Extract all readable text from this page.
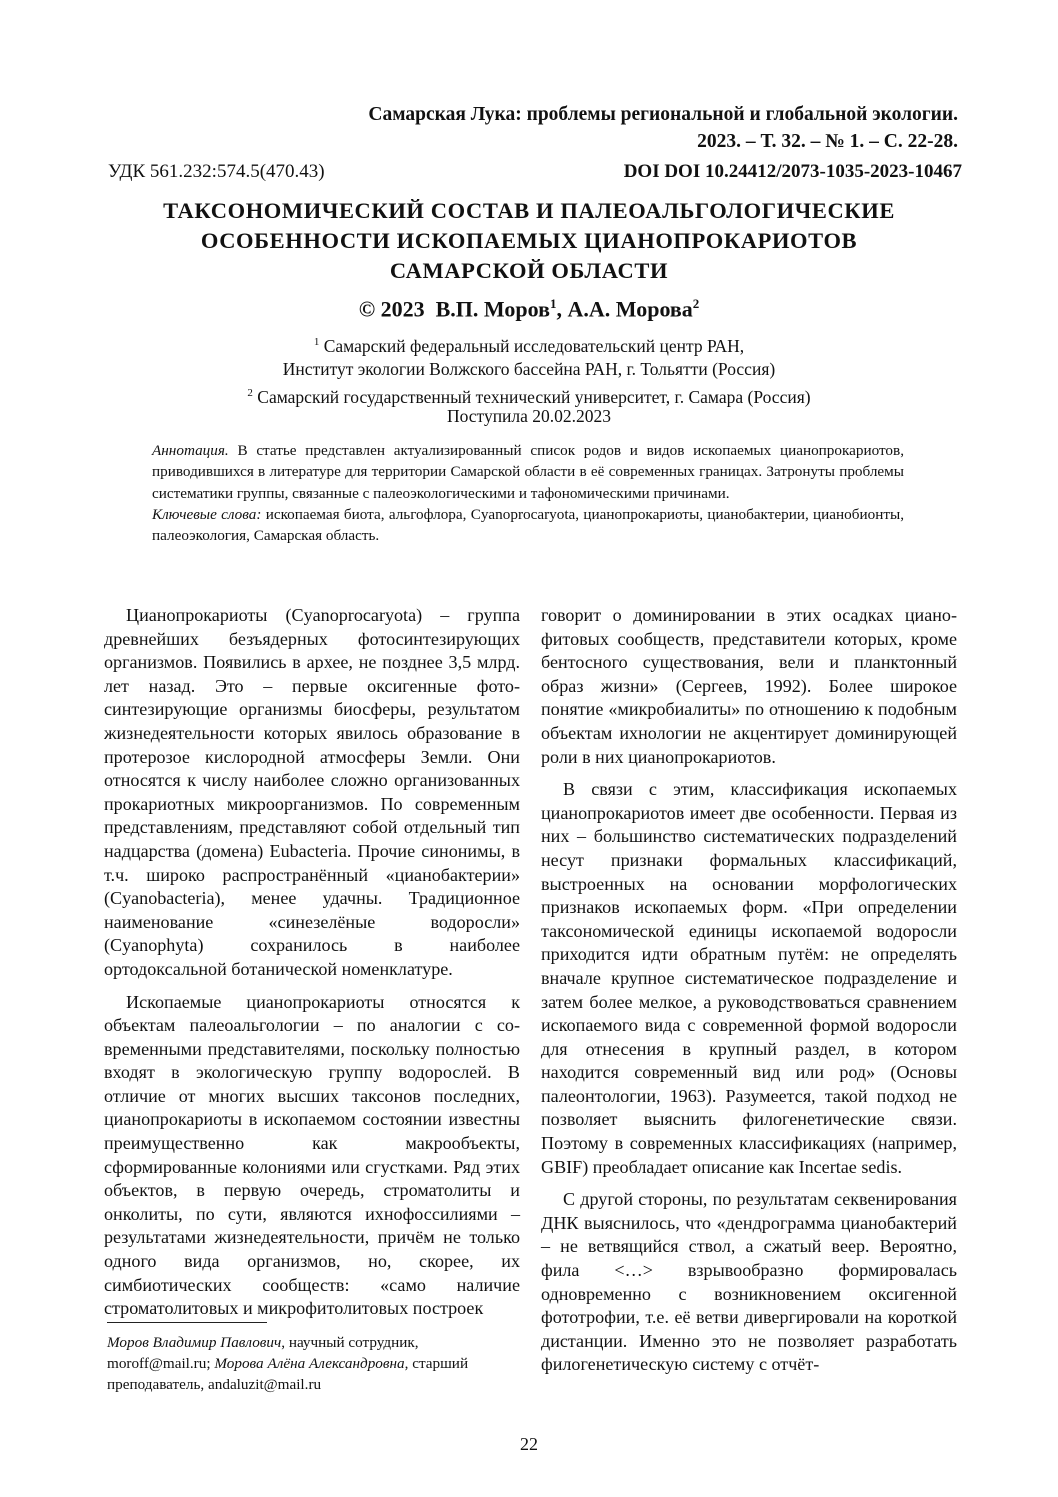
Самарская Лука: проблемы региональной и глобальной экологии.
2023. – Т. 32. – № 1. – С. 22-28.
УДК 561.232:574.5(470.43)	DOI DOI 10.24412/2073-1035-2023-10467
ТАКСОНОМИЧЕСКИЙ СОСТАВ И ПАЛЕОАЛЬГОЛОГИЧЕСКИЕ
ОСОБЕННОСТИ ИСКОПАЕМЫХ ЦИАНОПРОКАРИОТОВ
САМАРСКОЙ ОБЛАСТИ
© 2023 В.П. Моров$^1$, А.А. Морова$^2$
$^1$ Самарский федеральный исследовательский центр РАН,
Институт экологии Волжского бассейна РАН, г. Тольятти (Россия)
$^2$ Самарский государственный технический университет, г. Самара (Россия)
Поступила 20.02.2023

Аннотация. В статье представлен актуализированный список родов и видов ископаемых цианопрокариотов, приводившихся в литературе для территории Самарской области в её современных границах. Затронуты проблемы систематики группы, связанные с палеоэкологическими и тафономическими причинами.

Ключевые слова: ископаемая биота, альгофлора, Cyanoprocaryota, цианопрокариоты, цианобактерии, цианобионты, палеоэкология, Самарская область.

Цианопрокариоты (Cyanoprocaryota) – группа древнейших безъядерных фотосинтезирующих организмов. Появились в архее, не позднее 3,5 млрд. лет назад. Это – первые оксигенные фотосинтезирующие организмы биосферы, результатом жизнедеятельности которых явилось образование в протерозое кислородной атмосферы Земли. Они относятся к числу наиболее сложно организованных прокариотных микроорганизмов. По современным представлениям, представляют собой отдельный тип надцарства (домена) Eubacteria. Прочие синонимы, в т.ч. широко распространённый «цианобактерии» (Cyanobacteria), менее удачны. Традиционное наименование «синезелёные водоросли» (Cyanophyta) сохранилось в наиболее ортодоксальной ботанической номенклатуре.

Ископаемые цианопрокариоты относятся к объектам палеоальгологии – по аналогии с современными представителями, поскольку полностью входят в экологическую группу водорослей. В отличие от многих высших таксонов последних, цианопрокариоты в ископаемом состоянии известны преимущественно как макрообъекты, сформированные колониями или сгустками. Ряд этих объектов, в первую очередь, строматолиты и онколиты, по сути, являются ихнофоссилиями – результатами жизнедеятельности, причём не только одного вида организмов, но, скорее, их симбиотических сообществ: «само наличие строматолитовых и микрофитолитовых построек

говорит о доминировании в этих осадках цианофитовых сообществ, представители которых, кроме бентосного существования, вели и планктонный образ жизни» (Сергеев, 1992). Более широкое понятие «микробиалиты» по отношению к подобным объектам ихнологии не акцентирует доминирующей роли в них цианопрокариотов.

В связи с этим, классификация ископаемых цианопрокариотов имеет две особенности. Первая из них – большинство систематических подразделений несут признаки формальных классификаций, выстроенных на основании морфологических признаков ископаемых форм. «При определении таксономической единицы ископаемой водоросли приходится идти обратным путём: не определять вначале крупное систематическое подразделение и затем более мелкое, а руководствоваться сравнением ископаемого вида с современной формой водоросли для отнесения в крупный раздел, в котором находится современный вид или род» (Основы палеонтологии, 1963). Разумеется, такой подход не позволяет выяснить филогенетические связи. Поэтому в современных классификациях (например, GBIF) преобладает описание как Incertae sedis.

С другой стороны, по результатам секвенирования ДНК выяснилось, что «дендрограмма цианобактерий – не ветвящийся ствол, а сжатый веер. Вероятно, фила <…> взрывообразно формировалась одновременно с возникновением оксигенной фототрофии, т.е. её ветви дивергировали на короткой дистанции. Именно это не позволяет разработать филогенетическую систему с отчёт-

Моров Владимир Павлович, научный сотрудник, moroff@mail.ru; Морова Алёна Александровна, старший преподаватель, andaluzit@mail.ru
22
